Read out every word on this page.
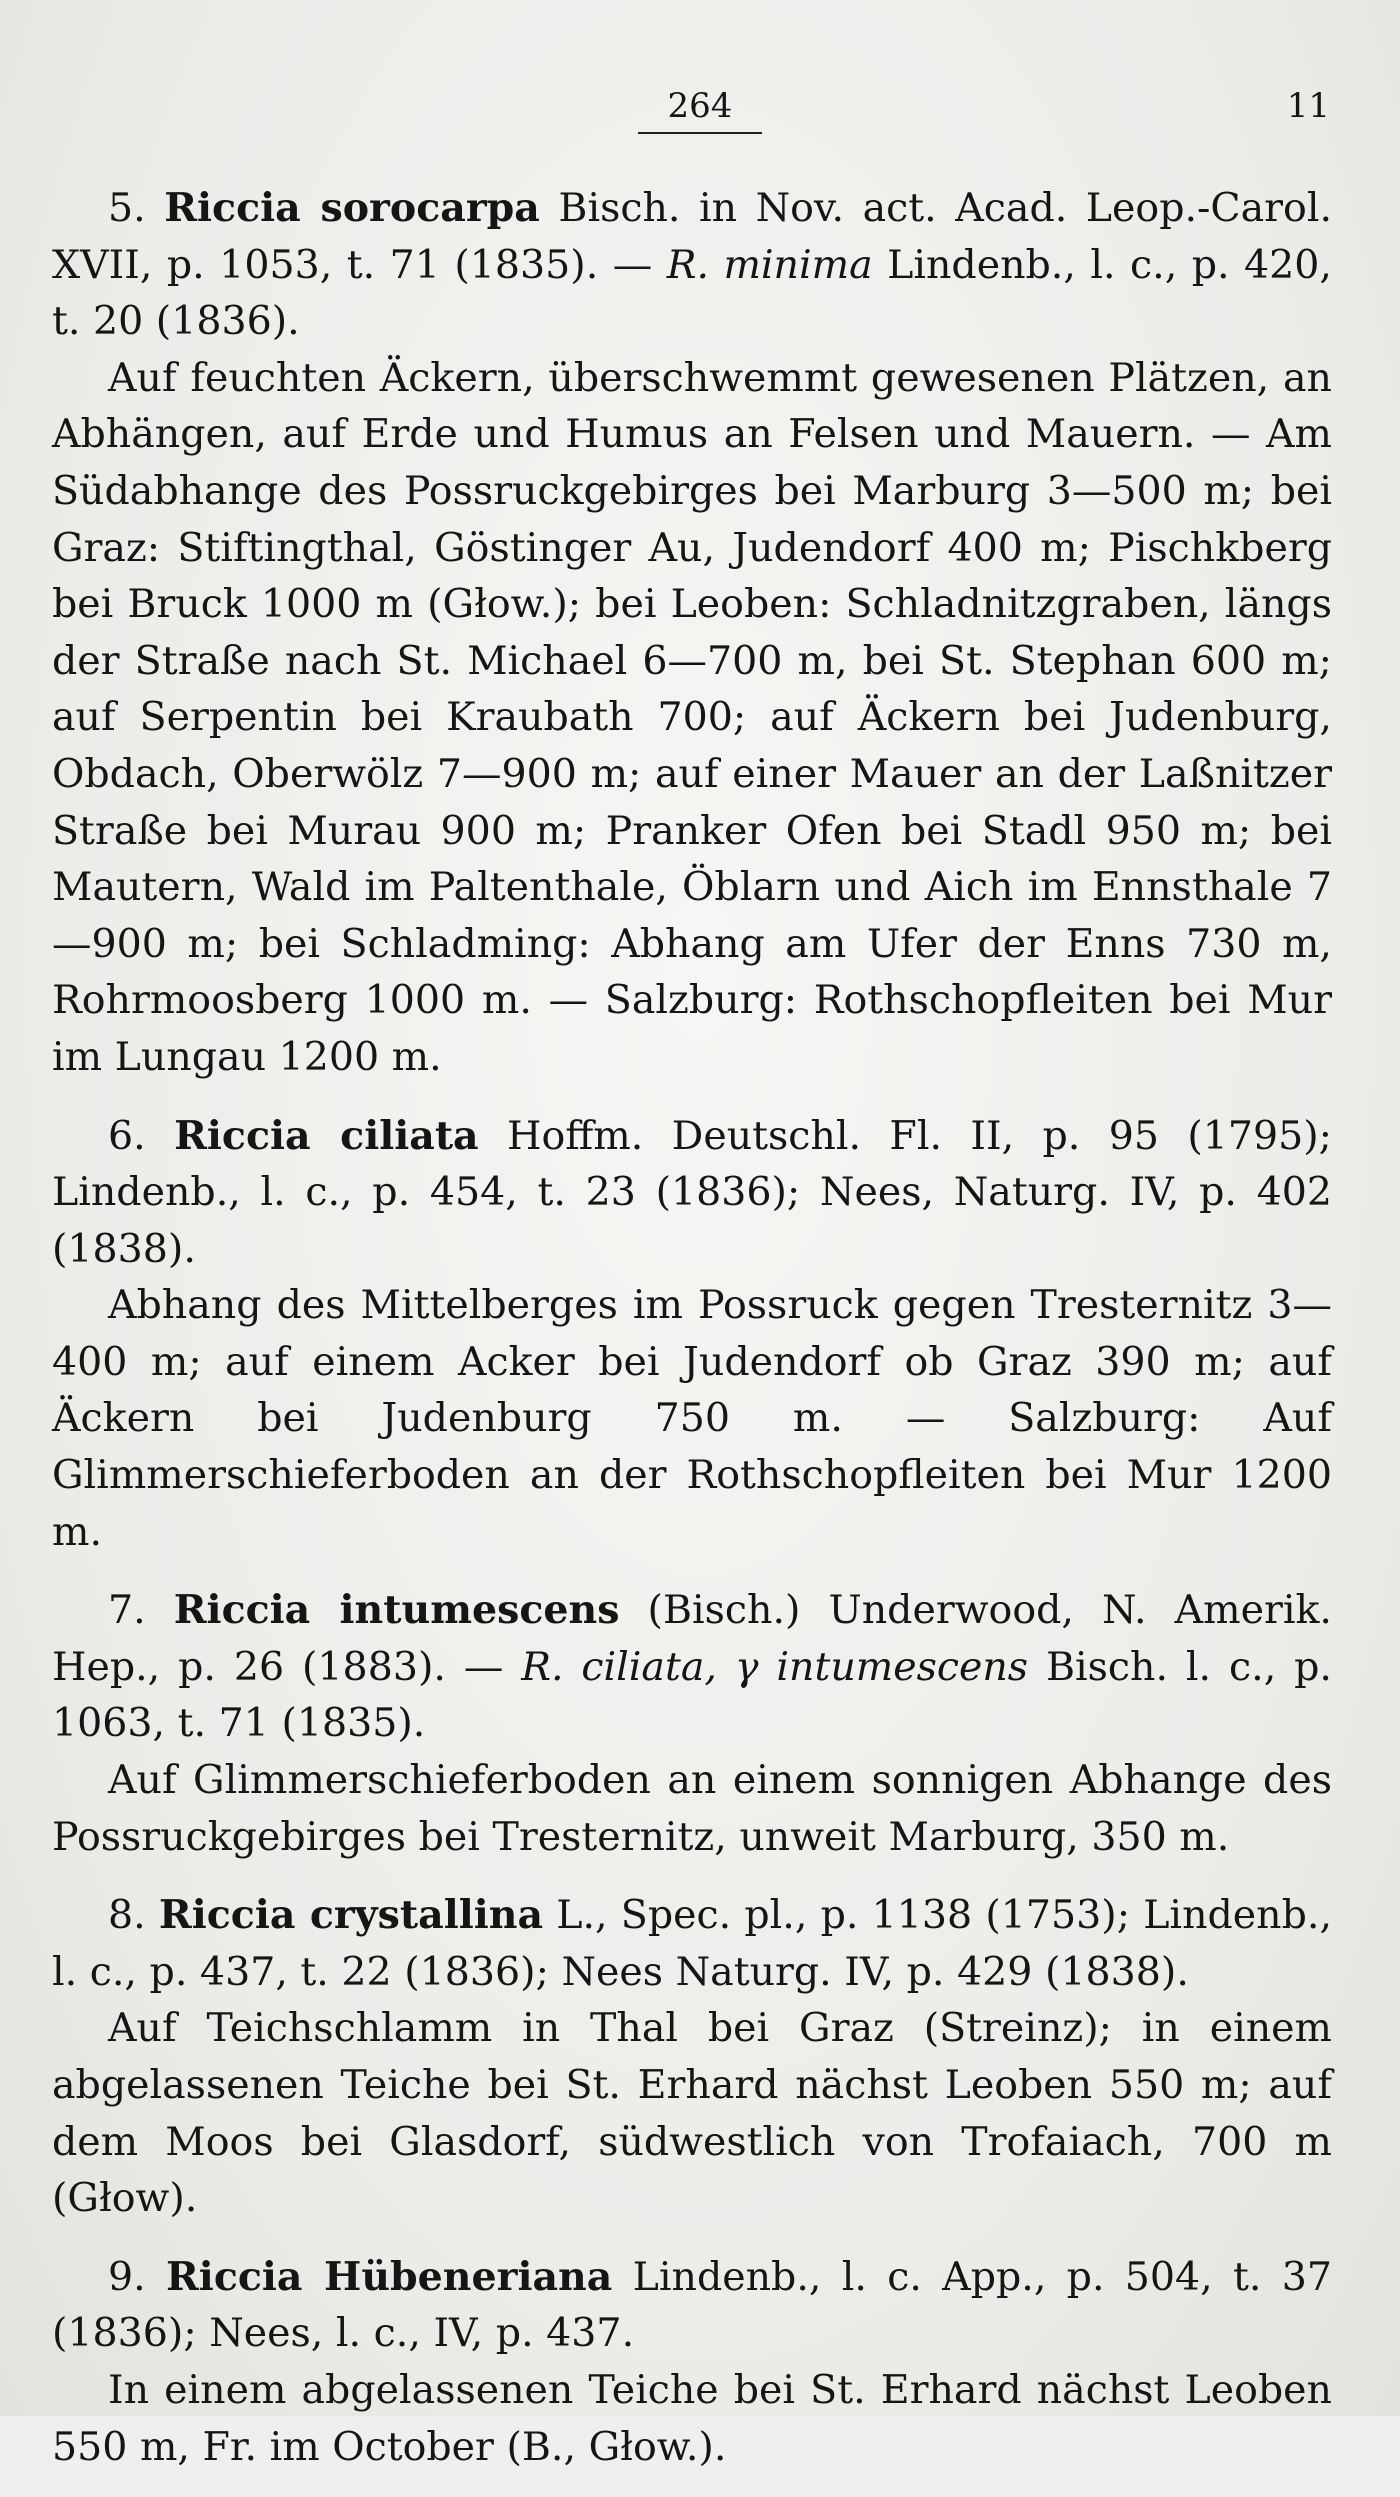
264	11

5. Riccia sorocarpa Bisch. in Nov. act. Acad. Leop.-Carol. XVII, p. 1053, t. 71 (1835). — R. minima Lindenb., l. c., p. 420, t. 20 (1836).

Auf feuchten Äckern, überschwemmt gewesenen Plätzen, an Abhängen, auf Erde und Humus an Felsen und Mauern. — Am Südabhange des Possruckgebirges bei Marburg 3—500 m; bei Graz: Stiftingthal, Göstinger Au, Judendorf 400 m; Pischkberg bei Bruck 1000 m (Głow.); bei Leoben: Schladnitzgraben, längs der Straße nach St. Michael 6—700 m, bei St. Stephan 600 m; auf Serpentin bei Kraubath 700; auf Äckern bei Judenburg, Obdach, Oberwölz 7—900 m; auf einer Mauer an der Laßnitzer Straße bei Murau 900 m; Pranker Ofen bei Stadl 950 m; bei Mautern, Wald im Paltenthale, Öblarn und Aich im Ennsthale 7—900 m; bei Schladming: Abhang am Ufer der Enns 730 m, Rohrmoosberg 1000 m. — Salzburg: Rothschopfleiten bei Mur im Lungau 1200 m.

6. Riccia ciliata Hoffm. Deutschl. Fl. II, p. 95 (1795); Lindenb., l. c., p. 454, t. 23 (1836); Nees, Naturg. IV, p. 402 (1838).

Abhang des Mittelberges im Possruck gegen Tresternitz 3—400 m; auf einem Acker bei Judendorf ob Graz 390 m; auf Äckern bei Judenburg 750 m. — Salzburg: Auf Glimmerschieferboden an der Rothschopfleiten bei Mur 1200 m.

7. Riccia intumescens (Bisch.) Underwood, N. Amerik. Hep., p. 26 (1883). — R. ciliata, γ intumescens Bisch. l. c., p. 1063, t. 71 (1835).

Auf Glimmerschieferboden an einem sonnigen Abhange des Possruckgebirges bei Tresternitz, unweit Marburg, 350 m.

8. Riccia crystallina L., Spec. pl., p. 1138 (1753); Lindenb., l. c., p. 437, t. 22 (1836); Nees Naturg. IV, p. 429 (1838).

Auf Teichschlamm in Thal bei Graz (Streinz); in einem abgelassenen Teiche bei St. Erhard nächst Leoben 550 m; auf dem Moos bei Glasdorf, südwestlich von Trofaiach, 700 m (Głow).

9. Riccia Hübeneriana Lindenb., l. c. App., p. 504, t. 37 (1836); Nees, l. c., IV, p. 437.

In einem abgelassenen Teiche bei St. Erhard nächst Leoben 550 m, Fr. im October (B., Głow.).
